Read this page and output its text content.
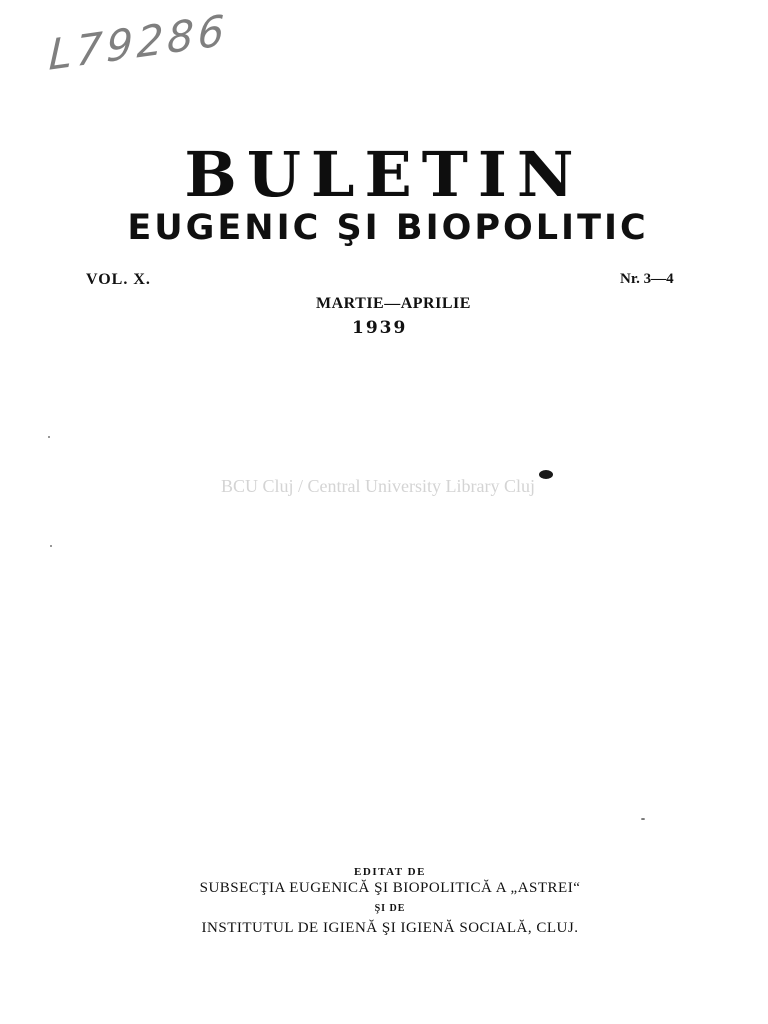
L79286
BULETIN
EUGENIC ŞI BIOPOLITIC
VOL. X.	Nr. 3—4
MARTIE—APRILIE
1939
BCU Cluj / Central University Library Cluj
EDITAT DE
SUBSECŢIA EUGENICĂ ŞI BIOPOLITICĂ A „ASTREI“
ŞI DE
INSTITUTUL DE IGIENĂ ŞI IGIENĂ SOCIALĂ, CLUJ.
